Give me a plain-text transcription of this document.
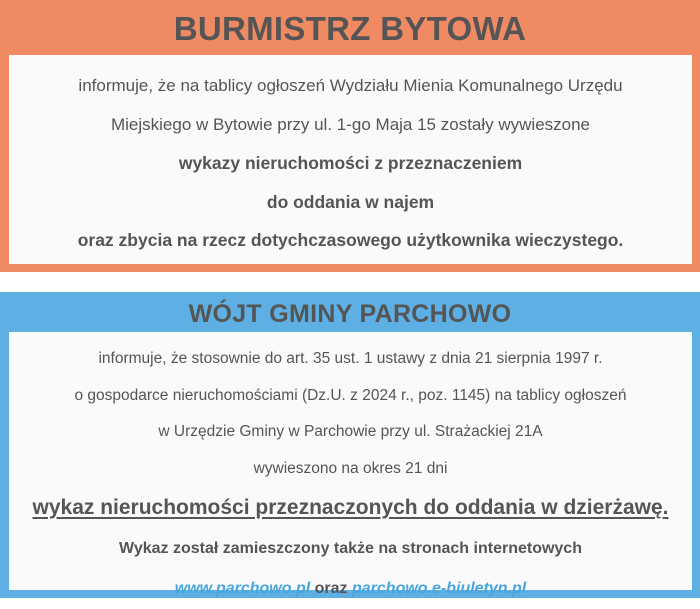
BURMISTRZ BYTOWA
informuje, że na tablicy ogłoszeń Wydziału Mienia Komunalnego Urzędu
Miejskiego w Bytowie przy ul. 1-go Maja 15 zostały wywieszone
wykazy nieruchomości z przeznaczeniem
do oddania w najem
oraz zbycia na rzecz dotychczasowego użytkownika wieczystego.
WÓJT GMINY PARCHOWO
informuje, że stosownie do art. 35 ust. 1 ustawy z dnia 21 sierpnia 1997 r.
o gospodarce nieruchomościami (Dz.U. z 2024 r., poz. 1145) na tablicy ogłoszeń
w Urzędzie Gminy w Parchowie przy ul. Strażackiej 21A
wywieszono na okres 21 dni
wykaz nieruchomości przeznaczonych do oddania w dzierżawę.
Wykaz został zamieszczony także na stronach internetowych
www.parchowo.pl oraz parchowo.e-biuletyn.pl
